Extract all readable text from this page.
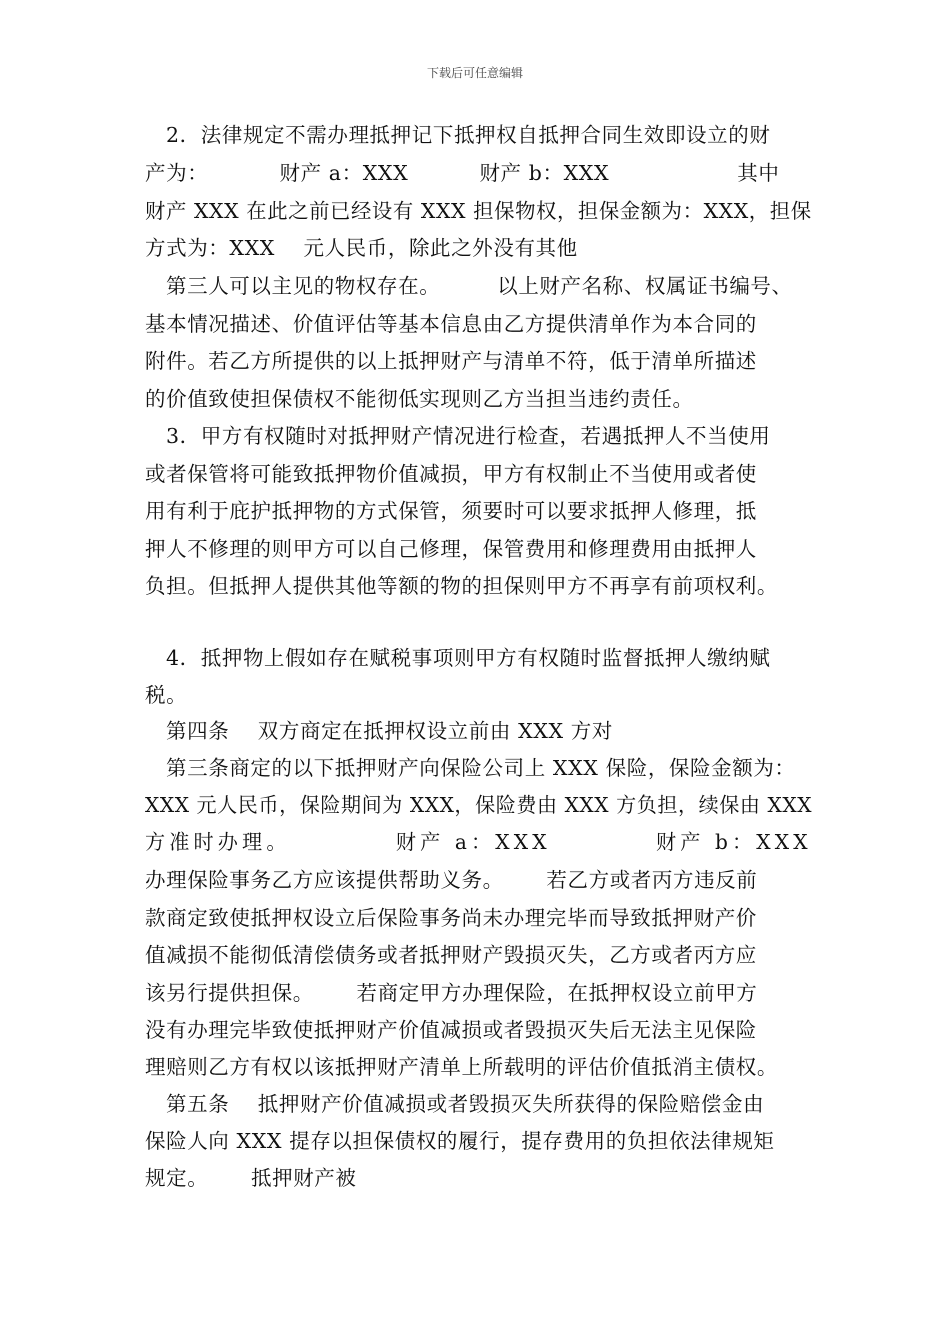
下载后可任意编辑
2．法律规定不需办理抵押记下抵押权自抵押合同生效即设立的财
产为：          财产 a：XXX          财产 b：XXX                  其中
财产 XXX 在此之前已经设有 XXX 担保物权，担保金额为：XXX，担保
方式为：XXX    元人民币，除此之外没有其他
第三人可以主见的物权存在。        以上财产名称、权属证书编号、
基本情况描述、价值评估等基本信息由乙方提供清单作为本合同的
附件。若乙方所提供的以上抵押财产与清单不符，低于清单所描述
的价值致使担保债权不能彻低实现则乙方当担当违约责任。
3．甲方有权随时对抵押财产情况进行检查，若遇抵押人不当使用
或者保管将可能致抵押物价值减损，甲方有权制止不当使用或者使
用有利于庇护抵押物的方式保管，须要时可以要求抵押人修理，抵
押人不修理的则甲方可以自己修理，保管费用和修理费用由抵押人
负担。但抵押人提供其他等额的物的担保则甲方不再享有前项权利。
4．抵押物上假如存在赋税事项则甲方有权随时监督抵押人缴纳赋
税。
第四条    双方商定在抵押权设立前由 XXX 方对
第三条商定的以下抵押财产向保险公司上 XXX 保险，保险金额为：
XXX 元人民币，保险期间为 XXX，保险费由 XXX 方负担，续保由 XXX
方准时办理。          财产 a：XXX          财产 b：XXX
办理保险事务乙方应该提供帮助义务。      若乙方或者丙方违反前
款商定致使抵押权设立后保险事务尚未办理完毕而导致抵押财产价
值减损不能彻低清偿债务或者抵押财产毁损灭失，乙方或者丙方应
该另行提供担保。      若商定甲方办理保险，在抵押权设立前甲方
没有办理完毕致使抵押财产价值减损或者毁损灭失后无法主见保险
理赔则乙方有权以该抵押财产清单上所载明的评估价值抵消主债权。
第五条    抵押财产价值减损或者毁损灭失所获得的保险赔偿金由
保险人向 XXX 提存以担保债权的履行，提存费用的负担依法律规矩
规定。      抵押财产被
